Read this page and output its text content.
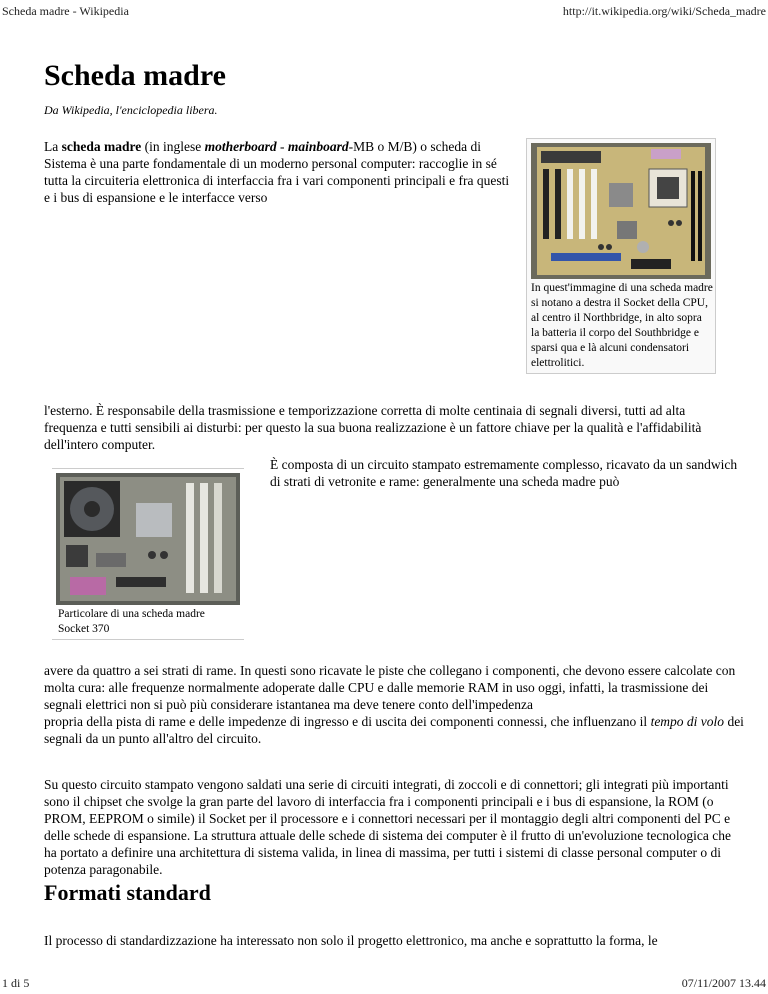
Scheda madre - Wikipedia	http://it.wikipedia.org/wiki/Scheda_madre
1 di 5	07/11/2007 13.44
Scheda madre
Da Wikipedia, l'enciclopedia libera.

La scheda madre (in inglese motherboard - mainboard-MB o M/B) o scheda di Sistema è una parte fondamentale di un moderno personal computer: raccoglie in sé tutta la circuiteria elettronica di interfaccia fra i vari componenti principali e fra questi e i bus di espansione e le interfacce verso

In quest'immagine di una scheda madre si notano a destra il Socket della CPU, al centro il Northbridge, in alto sopra la batteria il corpo del Southbridge e sparsi qua e là alcuni condensatori elettrolitici.

l'esterno. È responsabile della trasmissione e temporizzazione corretta di molte centinaia di segnali diversi, tutti ad alta frequenza e tutti sensibili ai disturbi: per questo la sua buona realizzazione è un fattore chiave per la qualità e l'affidabilità dell'intero computer.

È composta di un circuito stampato estremamente complesso, ricavato da un sandwich di strati di vetronite e rame: generalmente una scheda madre può

Particolare di una scheda madre Socket 370

avere da quattro a sei strati di rame. In questi sono ricavate le piste che collegano i componenti, che devono essere calcolate con molta cura: alle frequenze normalmente adoperate dalle CPU e dalle memorie RAM in uso oggi, infatti, la trasmissione dei segnali elettrici non si può più considerare istantanea ma deve tenere conto dell'impedenza
propria della pista di rame e delle impedenze di ingresso e di uscita dei componenti connessi, che influenzano il tempo di volo dei segnali da un punto all'altro del circuito.

Su questo circuito stampato vengono saldati una serie di circuiti integrati, di zoccoli e di connettori; gli integrati più importanti sono il chipset che svolge la gran parte del lavoro di interfaccia fra i componenti principali e i bus di espansione, la ROM (o PROM, EEPROM o simile) il Socket per il processore e i connettori necessari per il montaggio degli altri componenti del PC e delle schede di espansione. La struttura attuale delle schede di sistema dei computer è il frutto di un'evoluzione tecnologica che ha portato a definire una architettura di sistema valida, in linea di massima, per tutti i sistemi di classe personal computer o di potenza paragonabile.

Formati standard

Il processo di standardizzazione ha interessato non solo il progetto elettronico, ma anche e soprattutto la forma, le
